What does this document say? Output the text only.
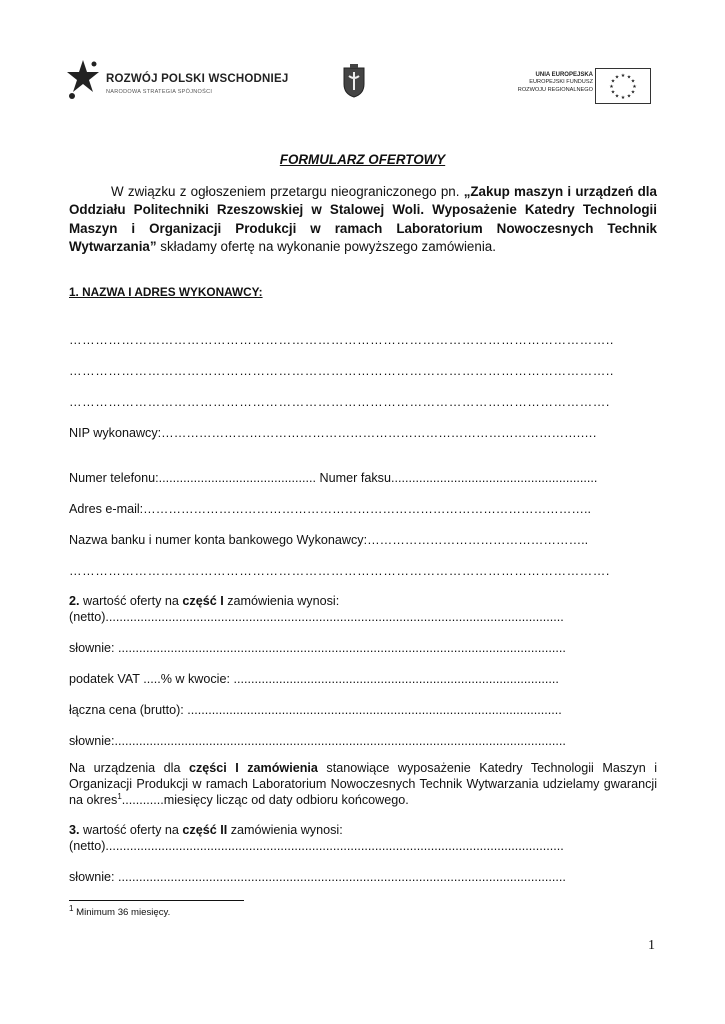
ROZWÓJ POLSKI WSCHODNIEJ
NARODOWA STRATEGIA SPÓJNOŚCI
UNIA EUROPEJSKA
EUROPEJSKI FUNDUSZ
ROZWOJU REGIONALNEGO
★ ★
★
★
★
★
★
★
★
★
★
★
FORMULARZ OFERTOWY

W związku z ogłoszeniem przetargu nieograniczonego pn. „Zakup maszyn i urządzeń dla Oddziału Politechniki Rzeszowskiej w Stalowej Woli. Wyposażenie Katedry Technologii Maszyn i Organizacji Produkcji w ramach Laboratorium Nowoczesnych Technik Wytwarzania” składamy ofertę na wykonanie powyższego zamówienia.

1. NAZWA I ADRES WYKONAWCY:
……………………………………………………………………………………………………………..
……………………………………………………………………………………………………………..
…………………………………………………………………………………………………………….
NIP wykonawcy:……………………………………………………………………………………….….
Numer telefonu:............................................. Numer faksu...........................................................
Adres e-mail:……………………………………………………………………………………………..
Nazwa banku i numer konta bankowego Wykonawcy:……………………………………………..
…………………………………………………………………………………………………………….
2. wartość oferty na część I zamówienia wynosi:
(netto)...................................................................................................................................
słownie: ................................................................................................................................
podatek VAT .....% w kwocie: .............................................................................................
łączna cena (brutto): ...........................................................................................................
słownie:.................................................................................................................................

Na urządzenia dla części I zamówienia stanowiące wyposażenie Katedry Technologii Maszyn i Organizacji Produkcji w ramach Laboratorium Nowoczesnych Technik Wytwarzania udzielamy gwarancji na okres$^1$............miesięcy licząc od daty odbioru końcowego.

3. wartość oferty na część II zamówienia wynosi:
(netto)...................................................................................................................................
słownie: ................................................................................................................................
$^1$ Minimum 36 miesięcy.
1
